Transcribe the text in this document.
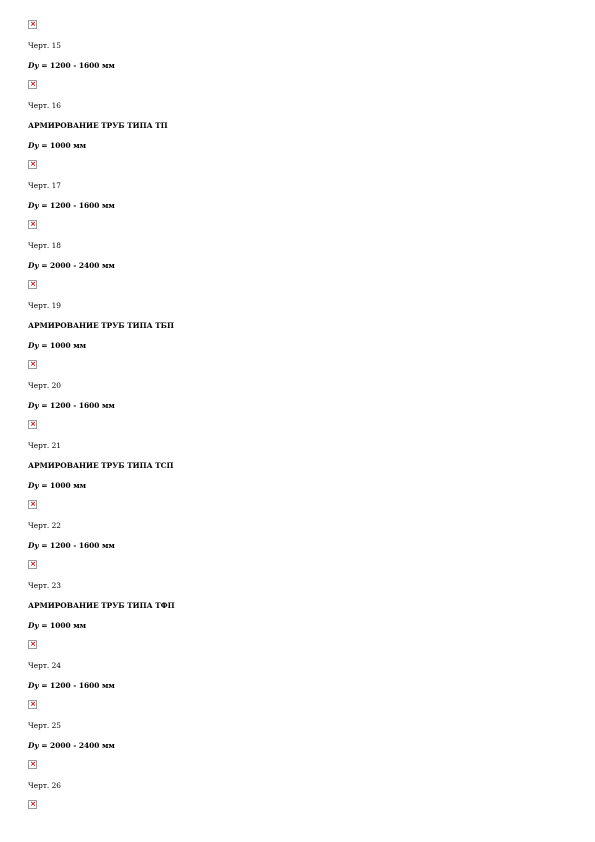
×
Черт. 15
Dy = 1200 - 1600 мм
×
Черт. 16
АРМИРОВАНИЕ ТРУБ ТИПА ТП
Dy = 1000 мм
×
Черт. 17
Dy = 1200 - 1600 мм
×
Черт. 18
Dy = 2000 - 2400 мм
×
Черт. 19
АРМИРОВАНИЕ ТРУБ ТИПА ТБП
Dy = 1000 мм
×
Черт. 20
Dy = 1200 - 1600 мм
×
Черт. 21
АРМИРОВАНИЕ ТРУБ ТИПА ТСП
Dy = 1000 мм
×
Черт. 22
Dy = 1200 - 1600 мм
×
Черт. 23
АРМИРОВАНИЕ ТРУБ ТИПА ТФП
Dy = 1000 мм
×
Черт. 24
Dy = 1200 - 1600 мм
×
Черт. 25
Dy = 2000 - 2400 мм
×
Черт. 26
×
